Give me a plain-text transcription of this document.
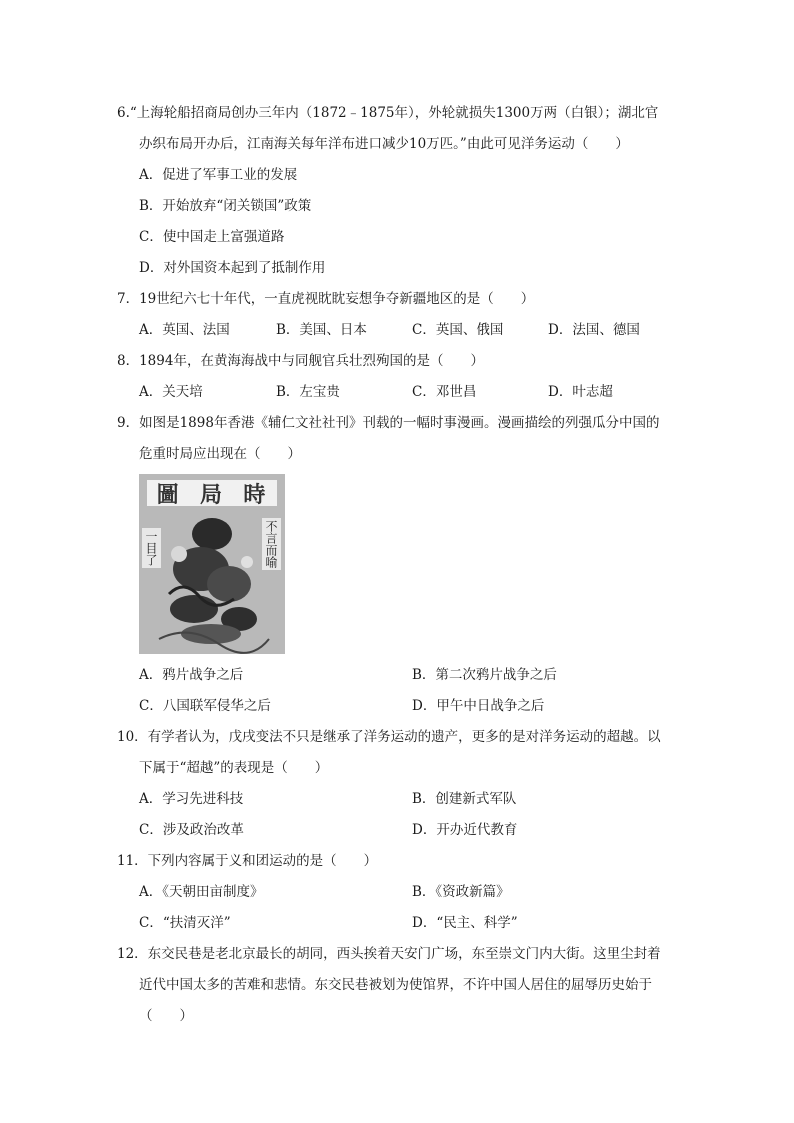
6.“上海轮船招商局创办三年内（1872﹣1875年），外轮就损失1300万两（白银）；湖北官
办织布局开办后，江南海关每年洋布进口减少10万匹。”由此可见洋务运动（　　）
A．促进了军事工业的发展
B．开始放弃“闭关锁国”政策
C．使中国走上富强道路
D．对外国资本起到了抵制作用
7．19世纪六七十年代，一直虎视眈眈妄想争夺新疆地区的是（　　）
A．英国、法国	B．美国、日本	C．英国、俄国	D．法国、德国
8．1894年，在黄海海战中与同舰官兵壮烈殉国的是（　　）
A．关天培	B．左宝贵	C．邓世昌	D．叶志超
9．如图是1898年香港《辅仁文社社刊》刊载的一幅时事漫画。漫画描绘的列强瓜分中国的
危重时局应出现在（　　）
圖 局 時
一目了	不言而喻
A．鸦片战争之后	B．第二次鸦片战争之后
C．八国联军侵华之后	D．甲午中日战争之后
10．有学者认为，戊戌变法不只是继承了洋务运动的遗产，更多的是对洋务运动的超越。以
下属于“超越”的表现是（　　）
A．学习先进科技	B．创建新式军队
C．涉及政治改革	D．开办近代教育
11．下列内容属于义和团运动的是（　　）
A．《天朝田亩制度》	B．《资政新篇》
C．“扶清灭洋”	D．“民主、科学”
12．东交民巷是老北京最长的胡同，西头挨着天安门广场，东至崇文门内大街。这里尘封着
近代中国太多的苦难和悲情。东交民巷被划为使馆界，不许中国人居住的屈辱历史始于
（　　）
